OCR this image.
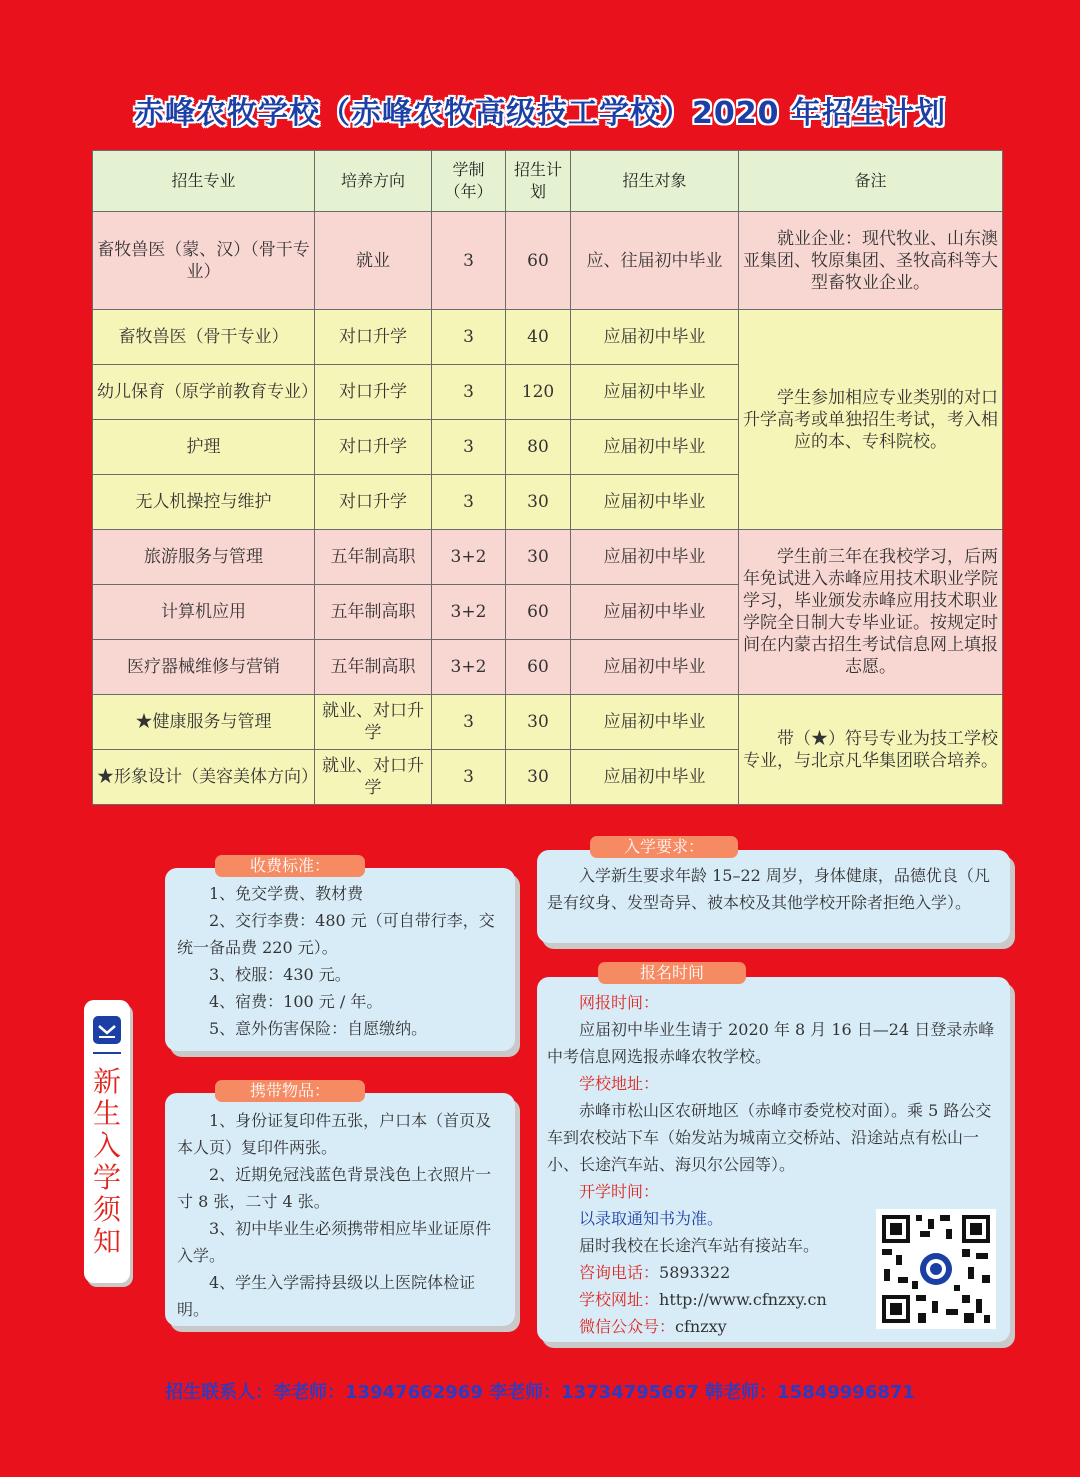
赤峰农牧学校（赤峰农牧高级技工学校）2020 年招生计划
招生专业	培养方向	学制（年）	招生计划	招生对象	备注
畜牧兽医（蒙、汉）（骨干专业）	就业	3	60	应、往届初中毕业	就业企业：现代牧业、山东澳亚集团、牧原集团、圣牧高科等大型畜牧业企业。
畜牧兽医（骨干专业）	对口升学	3	40	应届初中毕业	学生参加相应专业类别的对口升学高考或单独招生考试，考入相应的本、专科院校。
幼儿保育（原学前教育专业）	对口升学	3	120	应届初中毕业	
护理	对口升学	3	80	应届初中毕业	
无人机操控与维护	对口升学	3	30	应届初中毕业	
旅游服务与管理	五年制高职	3+2	30	应届初中毕业	学生前三年在我校学习，后两年免试进入赤峰应用技术职业学院学习，毕业颁发赤峰应用技术职业学院全日制大专毕业证。按规定时间在内蒙古招生考试信息网上填报志愿。
计算机应用	五年制高职	3+2	60	应届初中毕业	
医疗器械维修与营销	五年制高职	3+2	60	应届初中毕业	
★健康服务与管理	就业、对口升学	3	30	应届初中毕业	带（★）符号专业为技工学校专业，与北京凡华集团联合培养。
★形象设计（美容美体方向）	就业、对口升学	3	30	应届初中毕业	

1、免交学费、教材费

2、交行李费：480 元（可自带行李，交统一备品费 220 元）。

3、校服：430 元。

4、宿费：100 元 / 年。

5、意外伤害保险：自愿缴纳。

收费标准：

1、身份证复印件五张，户口本（首页及本人页）复印件两张。

2、近期免冠浅蓝色背景浅色上衣照片一寸 8 张，二寸 4 张。

3、初中毕业生必须携带相应毕业证原件入学。

4、学生入学需持县级以上医院体检证明。

携带物品：

入学新生要求年龄 15–22 周岁，身体健康，品德优良（凡是有纹身、发型奇异、被本校及其他学校开除者拒绝入学）。

入学要求：

网报时间：

应届初中毕业生请于 2020 年 8 月 16 日—24 日登录赤峰中考信息网选报赤峰农牧学校。

学校地址：

赤峰市松山区农研地区（赤峰市委党校对面）。乘 5 路公交车到农校站下车（始发站为城南立交桥站、沿途站点有松山一小、长途汽车站、海贝尔公园等）。

开学时间：

以录取通知书为准。

届时我校在长途汽车站有接站车。

咨询电话：5893322

学校网址：http://www.cfnzxy.cn

微信公众号：cfnzxy

报名时间
新
生
入
学
须
知
招生联系人：李老师：13947662969 李老师：13734795667 韩老师：15849996871
